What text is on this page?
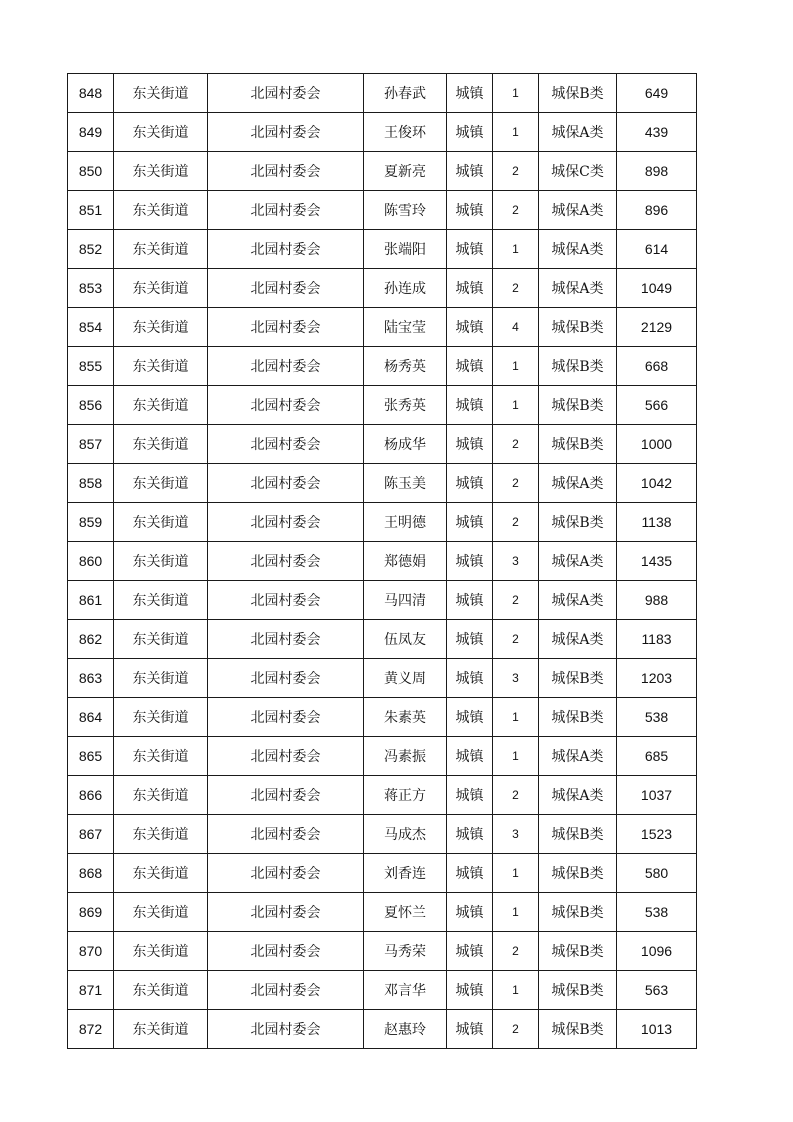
848	东关街道	北园村委会	孙春武	城镇	1	城保B类	649
849	东关街道	北园村委会	王俊环	城镇	1	城保A类	439
850	东关街道	北园村委会	夏新亮	城镇	2	城保C类	898
851	东关街道	北园村委会	陈雪玲	城镇	2	城保A类	896
852	东关街道	北园村委会	张端阳	城镇	1	城保A类	614
853	东关街道	北园村委会	孙连成	城镇	2	城保A类	1049
854	东关街道	北园村委会	陆宝莹	城镇	4	城保B类	2129
855	东关街道	北园村委会	杨秀英	城镇	1	城保B类	668
856	东关街道	北园村委会	张秀英	城镇	1	城保B类	566
857	东关街道	北园村委会	杨成华	城镇	2	城保B类	1000
858	东关街道	北园村委会	陈玉美	城镇	2	城保A类	1042
859	东关街道	北园村委会	王明德	城镇	2	城保B类	1138
860	东关街道	北园村委会	郑德娟	城镇	3	城保A类	1435
861	东关街道	北园村委会	马四清	城镇	2	城保A类	988
862	东关街道	北园村委会	伍凤友	城镇	2	城保A类	1183
863	东关街道	北园村委会	黄义周	城镇	3	城保B类	1203
864	东关街道	北园村委会	朱素英	城镇	1	城保B类	538
865	东关街道	北园村委会	冯素振	城镇	1	城保A类	685
866	东关街道	北园村委会	蒋正方	城镇	2	城保A类	1037
867	东关街道	北园村委会	马成杰	城镇	3	城保B类	1523
868	东关街道	北园村委会	刘香连	城镇	1	城保B类	580
869	东关街道	北园村委会	夏怀兰	城镇	1	城保B类	538
870	东关街道	北园村委会	马秀荣	城镇	2	城保B类	1096
871	东关街道	北园村委会	邓言华	城镇	1	城保B类	563
872	东关街道	北园村委会	赵惠玲	城镇	2	城保B类	1013
